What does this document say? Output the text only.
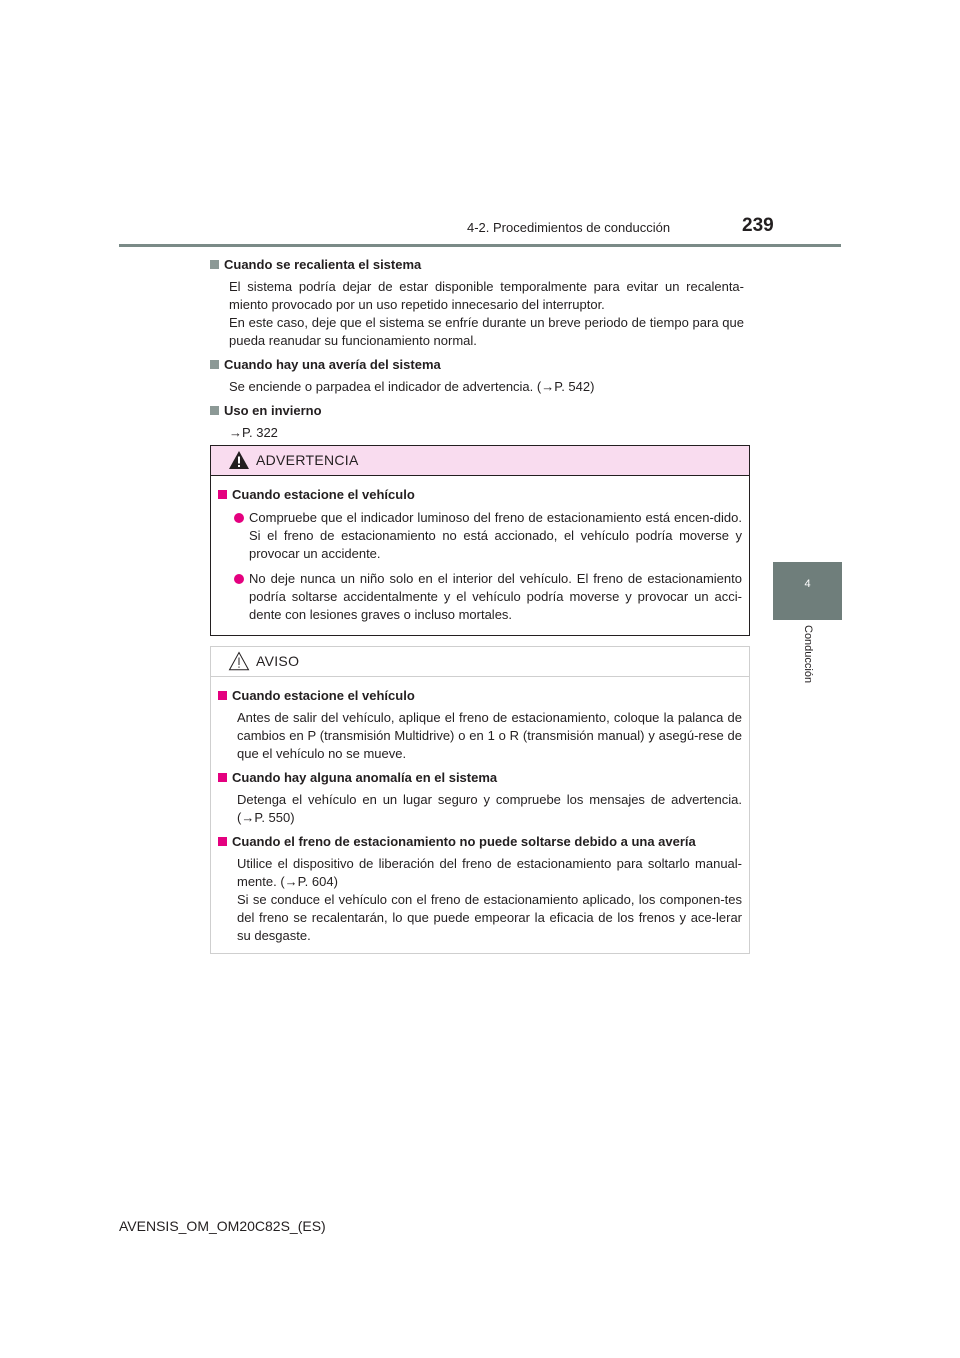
4-2. Procedimientos de conducción	239
4
Conducción

Cuando se recalienta el sistema

El sistema podría dejar de estar disponible temporalmente para evitar un recalenta-miento provocado por un uso repetido innecesario del interruptor.
En este caso, deje que el sistema se enfríe durante un breve periodo de tiempo para que pueda reanudar su funcionamiento normal.

Cuando hay una avería del sistema

Se enciende o parpadea el indicador de advertencia. (→P. 542)

Uso en invierno

→P. 322
ADVERTENCIA

Cuando estacione el vehículo

Compruebe que el indicador luminoso del freno de estacionamiento está encen-dido. Si el freno de estacionamiento no está accionado, el vehículo podría moverse y provocar un accidente.
No deje nunca un niño solo en el interior del vehículo. El freno de estacionamiento podría soltarse accidentalmente y el vehículo podría moverse y provocar un acci-dente con lesiones graves o incluso mortales.
AVISO

Cuando estacione el vehículo

Antes de salir del vehículo, aplique el freno de estacionamiento, coloque la palanca de cambios en P (transmisión Multidrive) o en 1 o R (transmisión manual) y asegú-rese de que el vehículo no se mueve.

Cuando hay alguna anomalía en el sistema

Detenga el vehículo en un lugar seguro y compruebe los mensajes de advertencia. (→P. 550)

Cuando el freno de estacionamiento no puede soltarse debido a una avería

Utilice el dispositivo de liberación del freno de estacionamiento para soltarlo manual-mente. (→P. 604)
Si se conduce el vehículo con el freno de estacionamiento aplicado, los componen-tes del freno se recalentarán, lo que puede empeorar la eficacia de los frenos y ace-lerar su desgaste.
AVENSIS_OM_OM20C82S_(ES)
